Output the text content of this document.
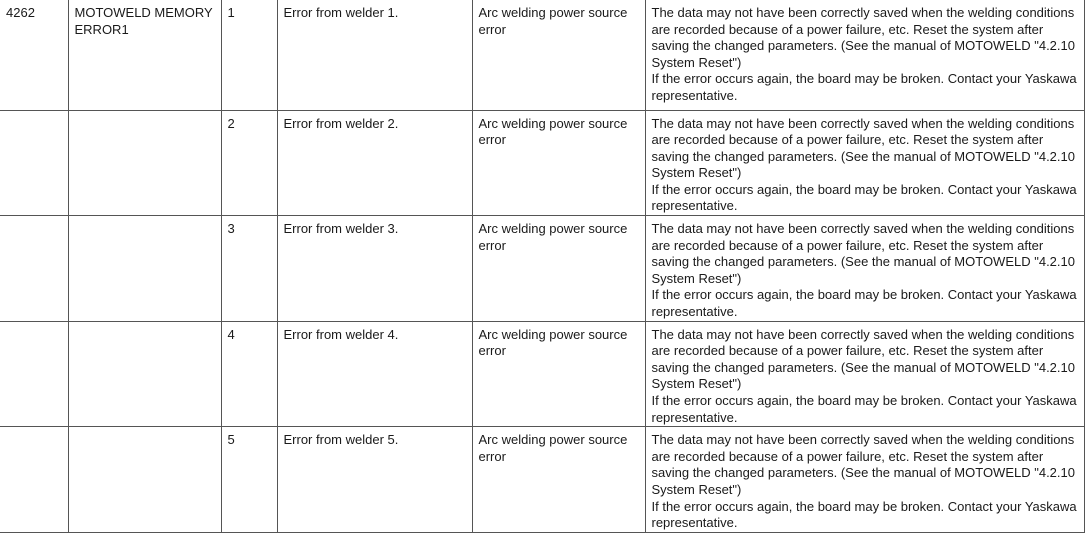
4262	MOTOWELD MEMORY ERROR1	1	Error from welder 1.	Arc welding power source error	The data may not have been correctly saved when the welding conditions are recorded because of a power failure, etc. Reset the system after saving the changed parameters. (See the manual of MOTOWELD "4.2.10 System Reset")
If the error occurs again, the board may be broken. Contact your Yaskawa representative.

		2	Error from welder 2.	Arc welding power source error	The data may not have been correctly saved when the welding conditions are recorded because of a power failure, etc. Reset the system after saving the changed parameters. (See the manual of MOTOWELD "4.2.10 System Reset")
If the error occurs again, the board may be broken. Contact your Yaskawa representative.

		3	Error from welder 3.	Arc welding power source error	The data may not have been correctly saved when the welding conditions are recorded because of a power failure, etc. Reset the system after saving the changed parameters. (See the manual of MOTOWELD "4.2.10 System Reset")
If the error occurs again, the board may be broken. Contact your Yaskawa representative.

		4	Error from welder 4.	Arc welding power source error	The data may not have been correctly saved when the welding conditions are recorded because of a power failure, etc. Reset the system after saving the changed parameters. (See the manual of MOTOWELD "4.2.10 System Reset")
If the error occurs again, the board may be broken. Contact your Yaskawa representative.

		5	Error from welder 5.	Arc welding power source error	The data may not have been correctly saved when the welding conditions are recorded because of a power failure, etc. Reset the system after saving the changed parameters. (See the manual of MOTOWELD "4.2.10 System Reset")
If the error occurs again, the board may be broken. Contact your Yaskawa representative.
